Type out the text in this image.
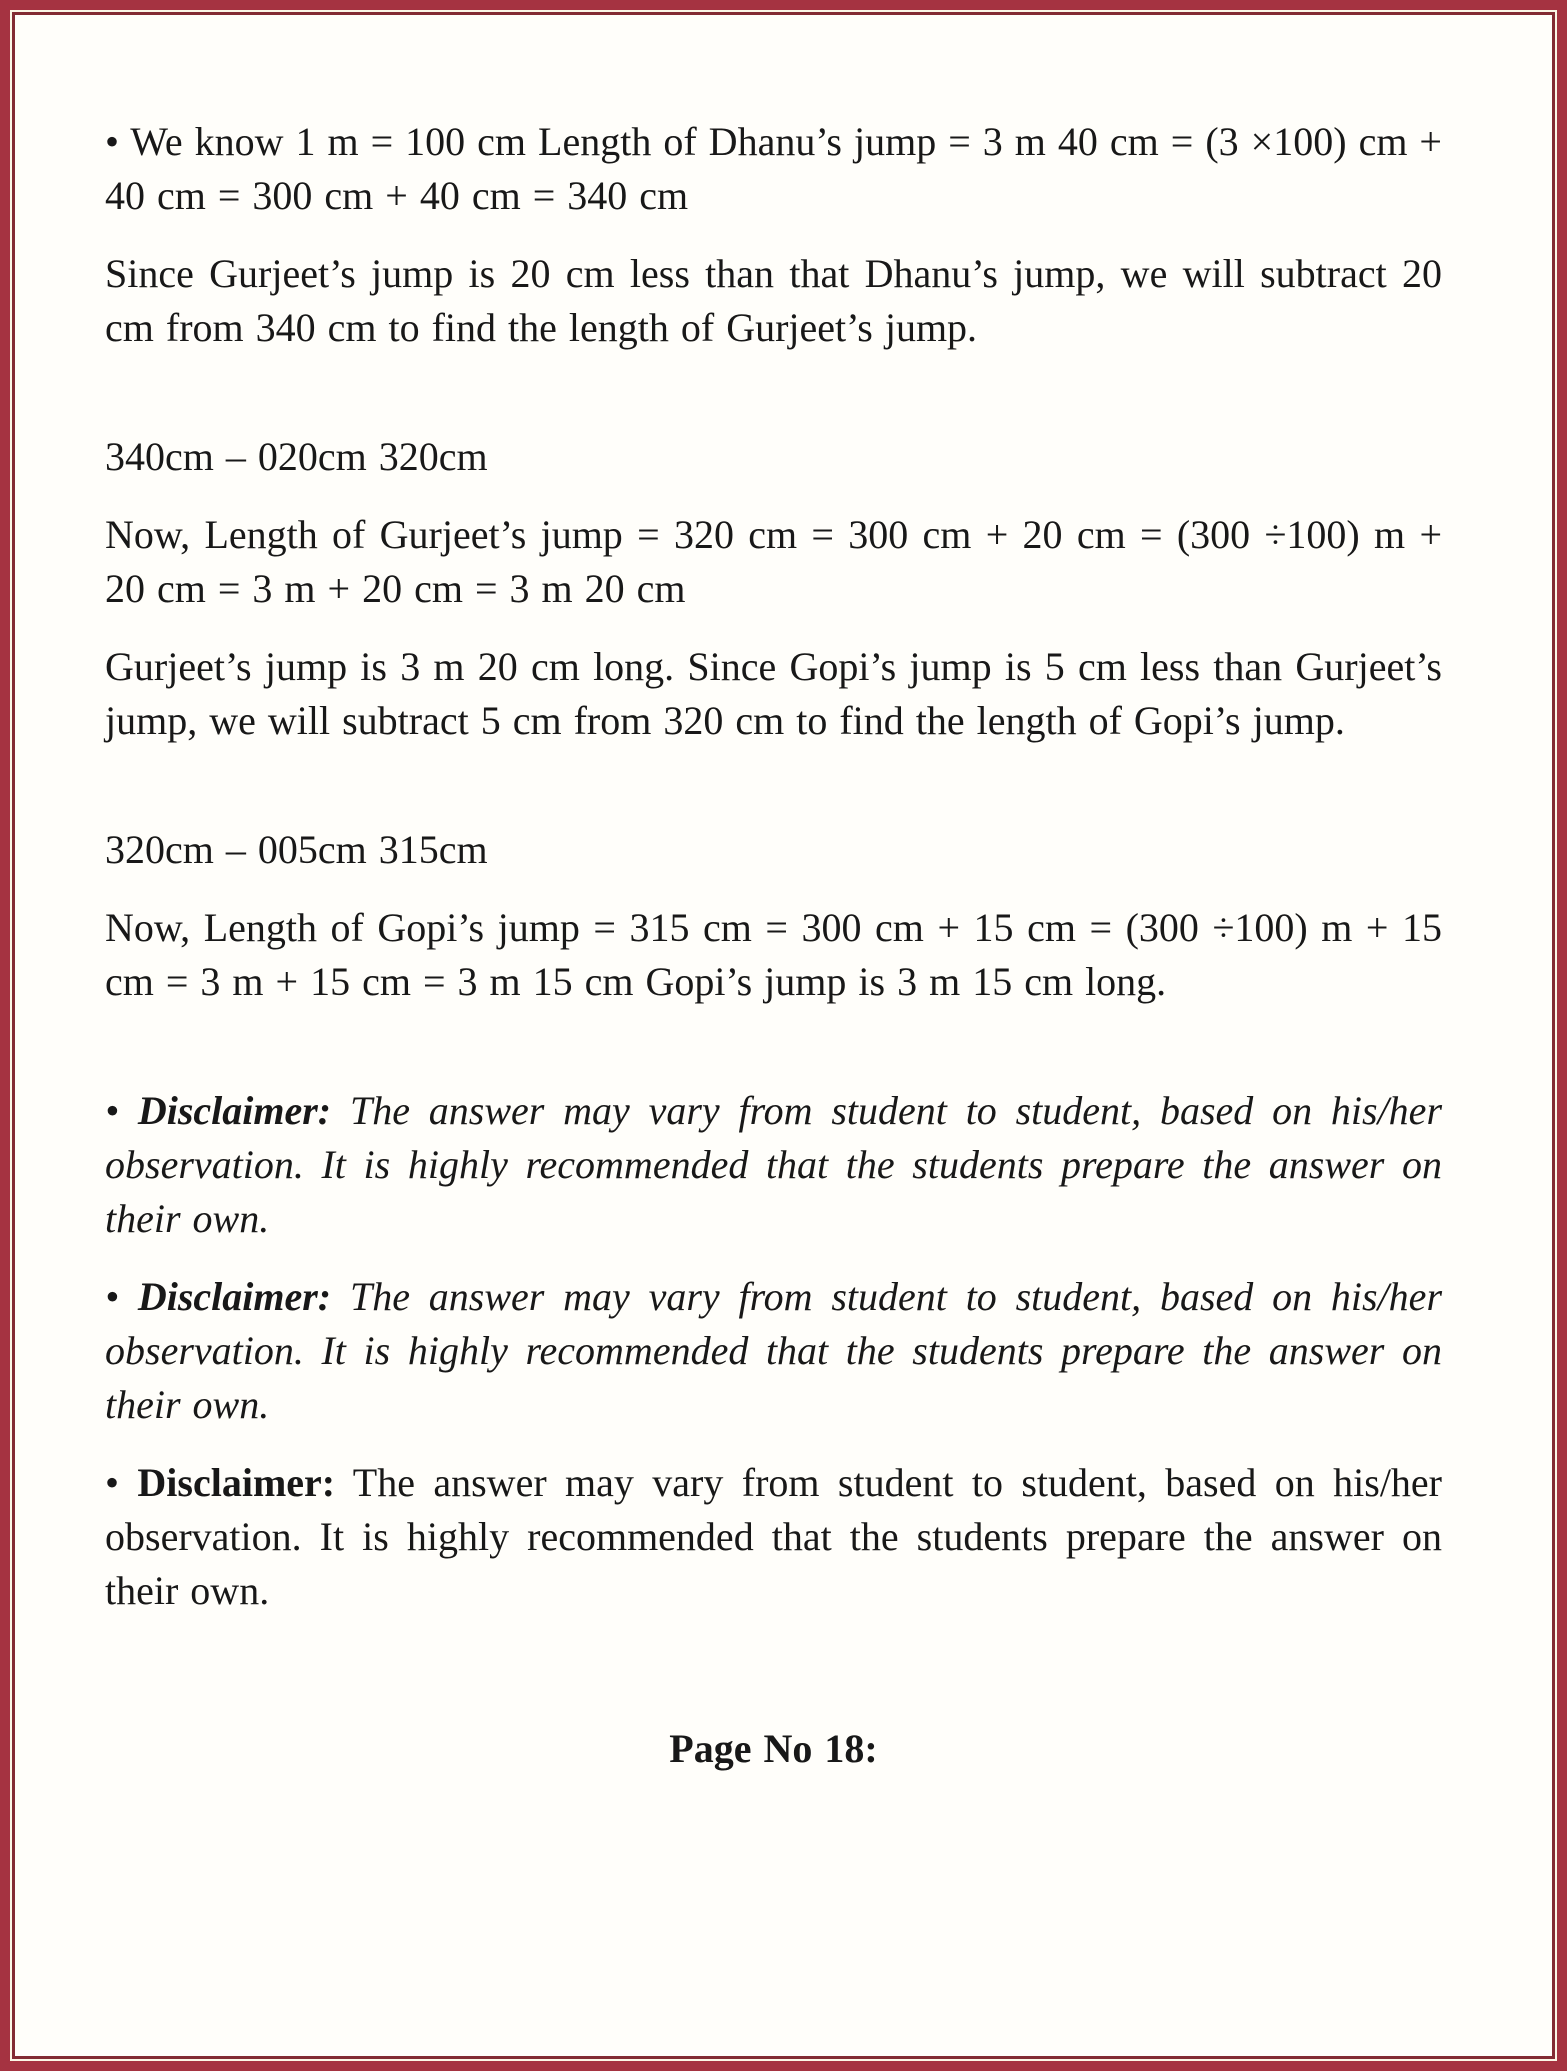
• We know 1 m = 100 cm Length of Dhanu’s jump = 3 m 40 cm = (3 ×100) cm + 40 cm = 300 cm + 40 cm = 340 cm

Since Gurjeet’s jump is 20 cm less than that Dhanu’s jump, we will subtract 20 cm from 340 cm to find the length of Gurjeet’s jump.

340cm – 020cm 320cm

Now, Length of Gurjeet’s jump = 320 cm = 300 cm + 20 cm = (300 ÷100) m + 20 cm = 3 m + 20 cm = 3 m 20 cm

Gurjeet’s jump is 3 m 20 cm long. Since Gopi’s jump is 5 cm less than Gurjeet’s jump, we will subtract 5 cm from 320 cm to find the length of Gopi’s jump.

320cm – 005cm 315cm

Now, Length of Gopi’s jump = 315 cm = 300 cm + 15 cm = (300 ÷100) m + 15 cm = 3 m + 15 cm = 3 m 15 cm Gopi’s jump is 3 m 15 cm long.

• Disclaimer: The answer may vary from student to student, based on his/her observation. It is highly recommended that the students prepare the answer on their own.

• Disclaimer: The answer may vary from student to student, based on his/her observation. It is highly recommended that the students prepare the answer on their own.

• Disclaimer: The answer may vary from student to student, based on his/her observation. It is highly recommended that the students prepare the answer on their own.

Page No 18:
